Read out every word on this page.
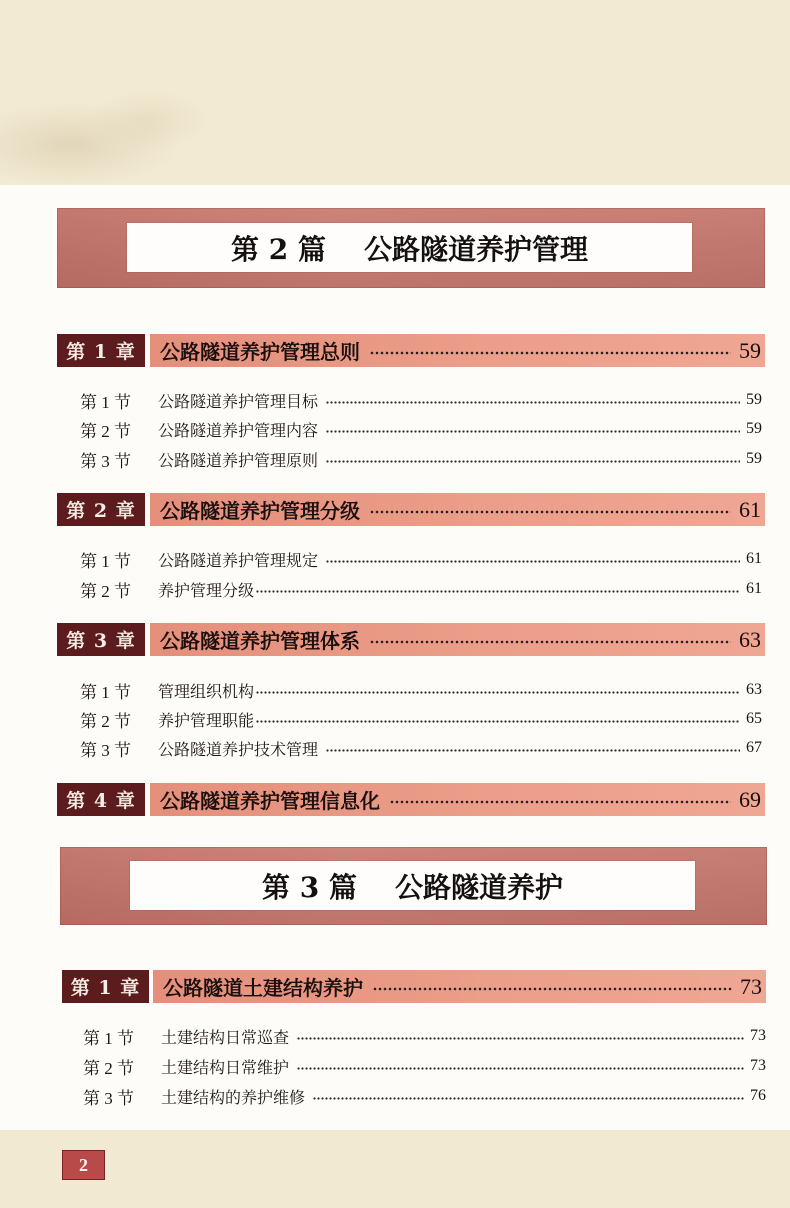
第 2 篇 公路隧道养护管理
第 1 章	公路隧道养护管理总则	59
第 1 节	公路隧道养护管理目标	59
第 2 节	公路隧道养护管理内容	59
第 3 节	公路隧道养护管理原则	59
第 2 章	公路隧道养护管理分级	61
第 1 节	公路隧道养护管理规定	61
第 2 节	养护管理分级	61
第 3 章	公路隧道养护管理体系	63
第 1 节	管理组织机构	63
第 2 节	养护管理职能	65
第 3 节	公路隧道养护技术管理	67
第 4 章	公路隧道养护管理信息化	69
第 3 篇 公路隧道养护
第 1 章	公路隧道土建结构养护	73
第 1 节	土建结构日常巡查	73
第 2 节	土建结构日常维护	73
第 3 节	土建结构的养护维修	76
2
